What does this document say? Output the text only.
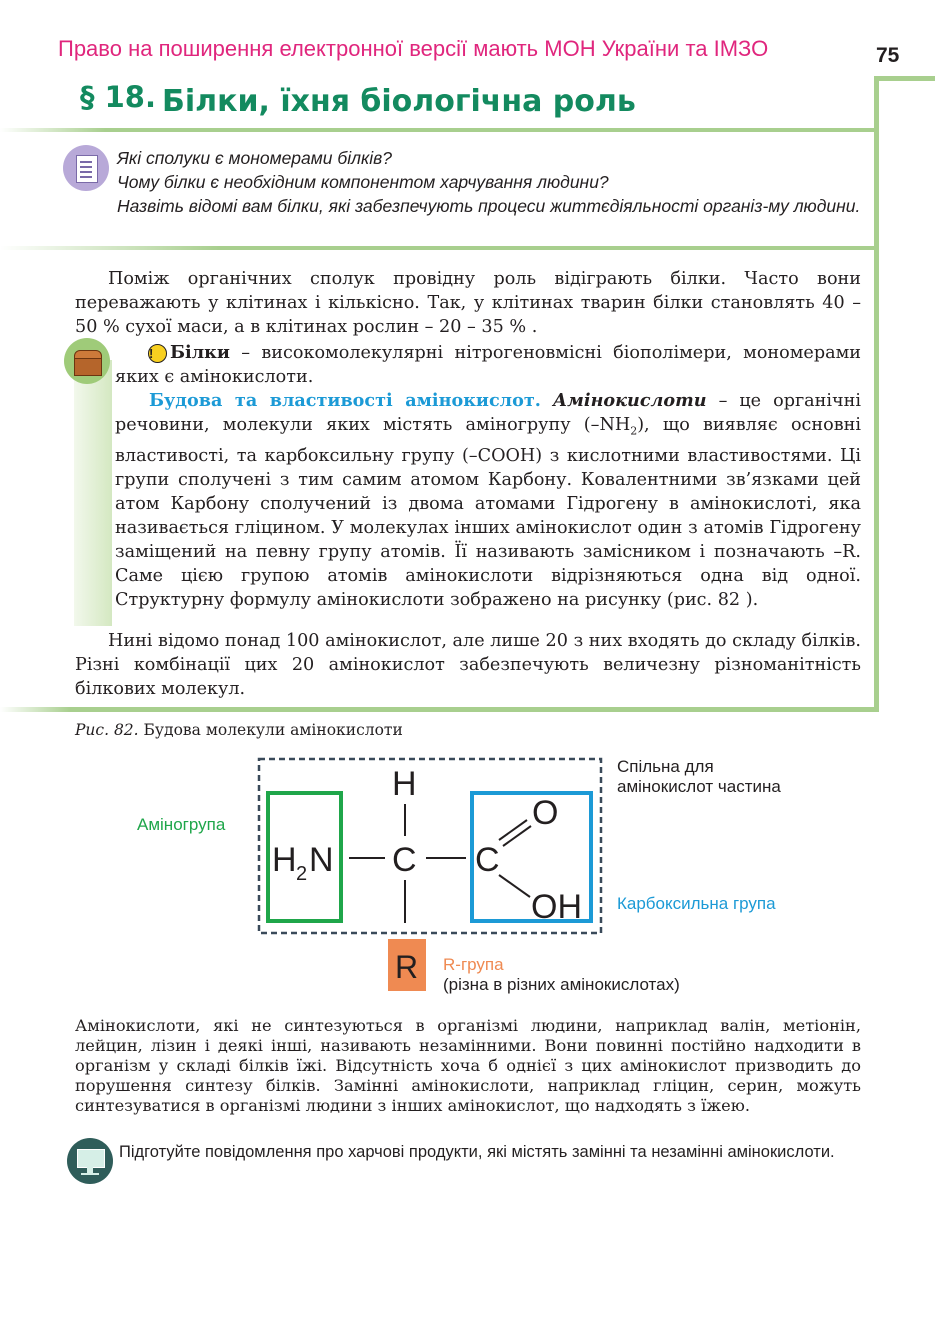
Право на поширення електронної версії мають МОН України та ІМЗО	75
§ 18. Білки, їхня біологічна роль
Які сполуки є мономерами білків?
Чому білки є необхідним компонентом харчування людини?
Назвіть відомі вам білки, які забезпечують процеси життєдіяльності організ-му людини.
Поміж органічних сполук провідну роль відіграють білки. Часто вони переважають у клітинах і кількісно. Так, у клітинах тварин білки становлять 40 – 50 % сухої маси, а в клітинах рослин – 20 – 35 % .
! Білки – високомолекулярні нітрогеновмісні біополімери, мономерами яких є амінокислоти.
Будова та властивості амінокислот. Амінокислоти – це органічні речовини, молекули яких містять аміногрупу $(-NH_2)$, що виявляє основні властивості, та карбоксильну групу (–COOH) з кислотними властивостями. Ці групи сполучені з тим самим атомом Карбону. Ковалентними зв’язками цей атом Карбону сполучений із двома атомами Гідрогену в амінокислоті, яка називається гліцином. У молекулах інших амінокислот один з атомів Гідрогену заміщений на певну групу атомів. Її називають замісником і позначають –R. Саме цією групою атомів амінокислоти відрізняються одна від одної. Структурну формулу амінокислоти зображено на рисунку (рис. 82 ).
Нині відомо понад 100 амінокислот, але лише 20 з них входять до складу білків. Різні комбінації цих 20 амінокислот забезпечують величезну різноманітність білкових молекул.
Рис. 82. Будова молекули амінокислоти
H
H 2 N C C
O
OH
R
Спільна для
амінокислот частина
Аміногрупа
Карбоксильна група
R-група
(різна в різних амінокислотах)
Амінокислоти, які не синтезуються в організмі людини, наприклад валін, метіонін, лейцин, лізин і деякі інші, називають незамінними. Вони повинні постійно надходити в організм у складі білків їжі. Відсутність хоча б однієї з цих амінокислот призводить до порушення синтезу білків. Замінні амінокислоти, наприклад гліцин, серин, можуть синтезуватися в організмі людини з інших амінокислот, що надходять з їжею.
Підготуйте повідомлення про харчові продукти, які містять замінні та незамінні амінокислоти.
